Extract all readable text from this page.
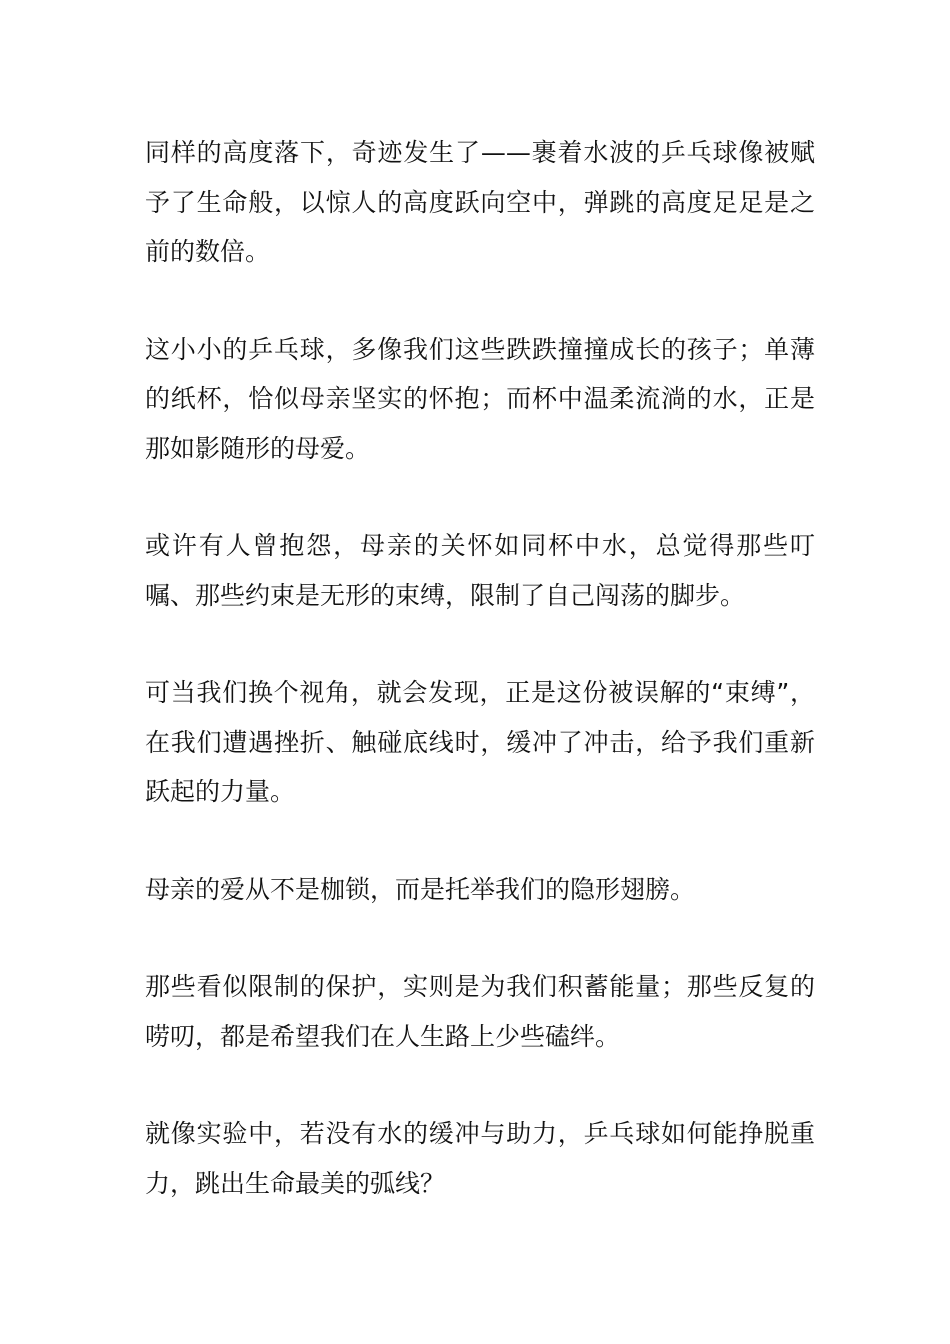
同样的高度落下，奇迹发生了——裹着水波的乒乓球像被赋予了生命般，以惊人的高度跃向空中，弹跳的高度足足是之前的数倍。

这小小的乒乓球，多像我们这些跌跌撞撞成长的孩子；单薄的纸杯，恰似母亲坚实的怀抱；而杯中温柔流淌的水，正是那如影随形的母爱。

或许有人曾抱怨，母亲的关怀如同杯中水，总觉得那些叮嘱、那些约束是无形的束缚，限制了自己闯荡的脚步。

可当我们换个视角，就会发现，正是这份被误解的“束缚”，在我们遭遇挫折、触碰底线时，缓冲了冲击，给予我们重新跃起的力量。

母亲的爱从不是枷锁，而是托举我们的隐形翅膀。

那些看似限制的保护，实则是为我们积蓄能量；那些反复的唠叨，都是希望我们在人生路上少些磕绊。

就像实验中，若没有水的缓冲与助力，乒乓球如何能挣脱重力，跳出生命最美的弧线？
